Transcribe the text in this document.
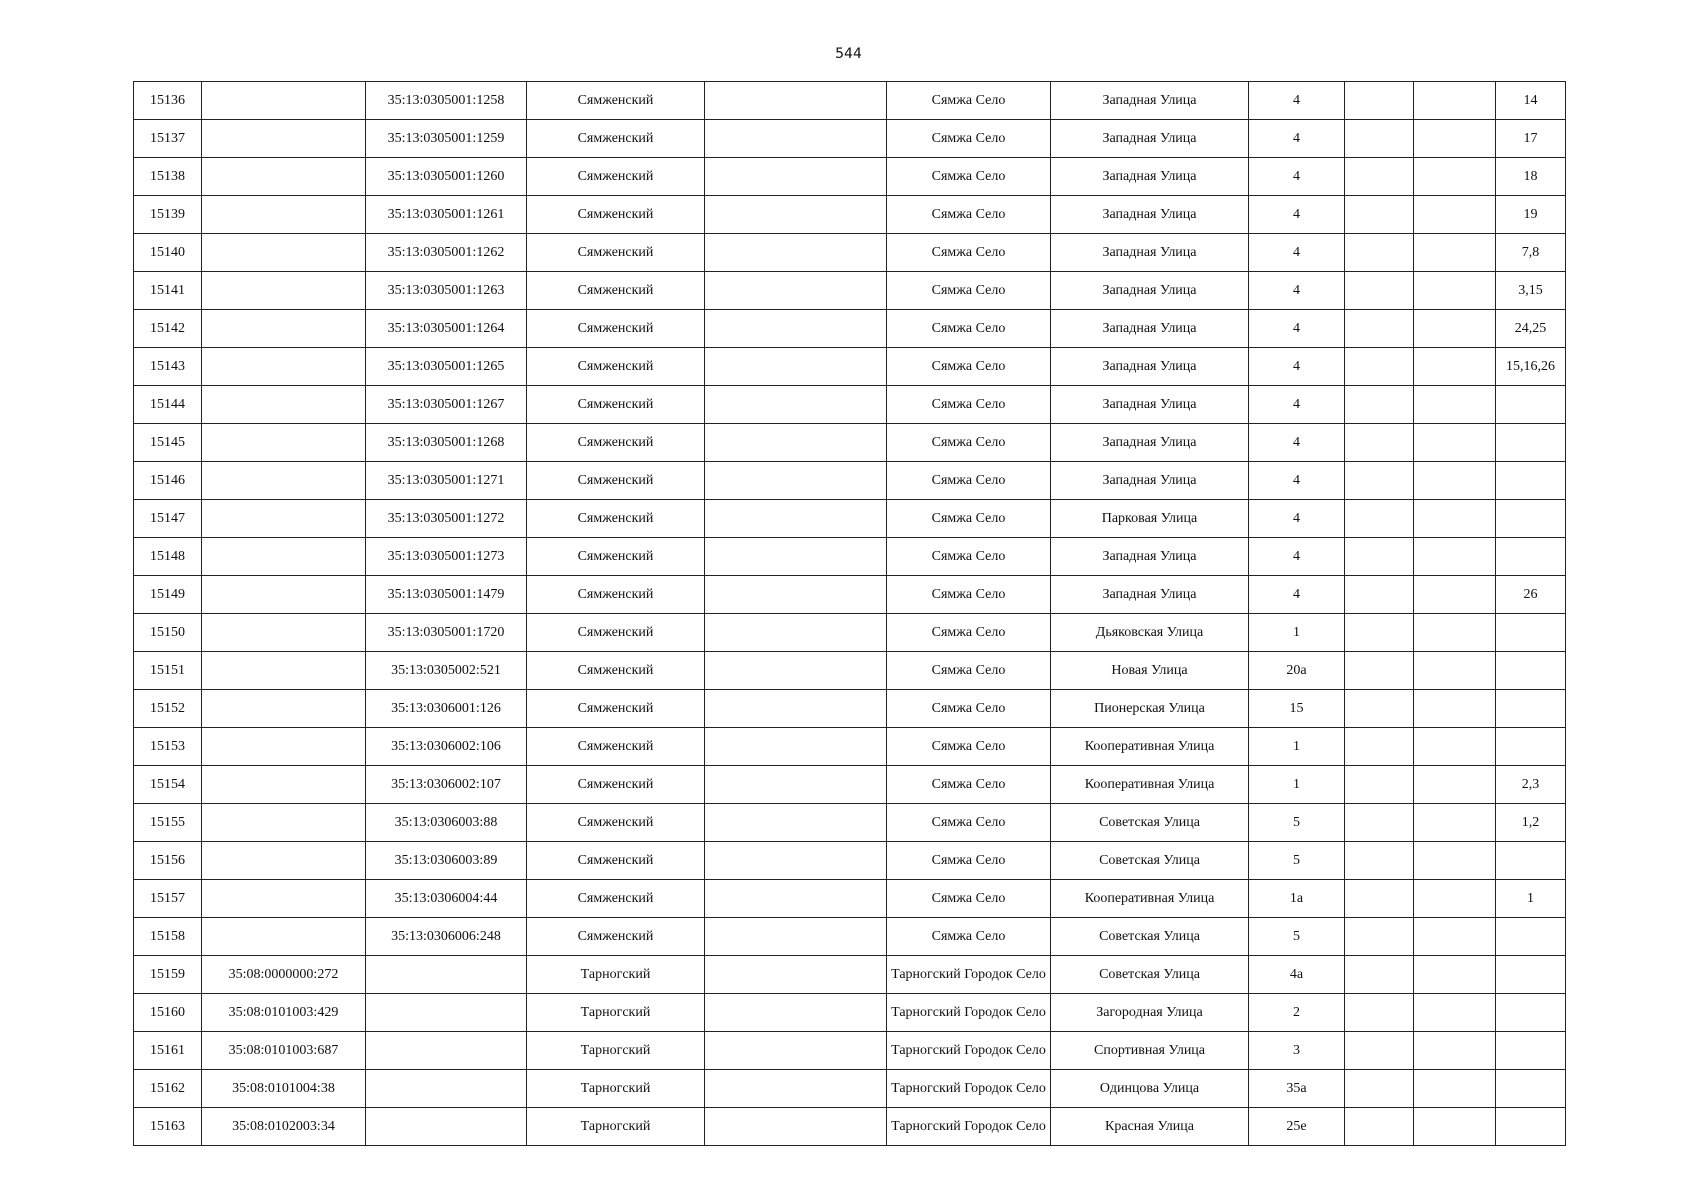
544
15136		35:13:0305001:1258	Сямженский		Сямжа Село	Западная Улица	4			14
15137		35:13:0305001:1259	Сямженский		Сямжа Село	Западная Улица	4			17
15138		35:13:0305001:1260	Сямженский		Сямжа Село	Западная Улица	4			18
15139		35:13:0305001:1261	Сямженский		Сямжа Село	Западная Улица	4			19
15140		35:13:0305001:1262	Сямженский		Сямжа Село	Западная Улица	4			7,8
15141		35:13:0305001:1263	Сямженский		Сямжа Село	Западная Улица	4			3,15
15142		35:13:0305001:1264	Сямженский		Сямжа Село	Западная Улица	4			24,25
15143		35:13:0305001:1265	Сямженский		Сямжа Село	Западная Улица	4			15,16,26
15144		35:13:0305001:1267	Сямженский		Сямжа Село	Западная Улица	4			
15145		35:13:0305001:1268	Сямженский		Сямжа Село	Западная Улица	4			
15146		35:13:0305001:1271	Сямженский		Сямжа Село	Западная Улица	4			
15147		35:13:0305001:1272	Сямженский		Сямжа Село	Парковая Улица	4			
15148		35:13:0305001:1273	Сямженский		Сямжа Село	Западная Улица	4			
15149		35:13:0305001:1479	Сямженский		Сямжа Село	Западная Улица	4			26
15150		35:13:0305001:1720	Сямженский		Сямжа Село	Дьяковская Улица	1			
15151		35:13:0305002:521	Сямженский		Сямжа Село	Новая Улица	20а			
15152		35:13:0306001:126	Сямженский		Сямжа Село	Пионерская Улица	15			
15153		35:13:0306002:106	Сямженский		Сямжа Село	Кооперативная Улица	1			
15154		35:13:0306002:107	Сямженский		Сямжа Село	Кооперативная Улица	1			2,3
15155		35:13:0306003:88	Сямженский		Сямжа Село	Советская Улица	5			1,2
15156		35:13:0306003:89	Сямженский		Сямжа Село	Советская Улица	5			
15157		35:13:0306004:44	Сямженский		Сямжа Село	Кооперативная Улица	1а			1
15158		35:13:0306006:248	Сямженский		Сямжа Село	Советская Улица	5			
15159	35:08:0000000:272		Тарногский		Тарногский Городок Село	Советская Улица	4а			
15160	35:08:0101003:429		Тарногский		Тарногский Городок Село	Загородная Улица	2			
15161	35:08:0101003:687		Тарногский		Тарногский Городок Село	Спортивная Улица	3			
15162	35:08:0101004:38		Тарногский		Тарногский Городок Село	Одинцова Улица	35а			
15163	35:08:0102003:34		Тарногский		Тарногский Городок Село	Красная Улица	25е			
